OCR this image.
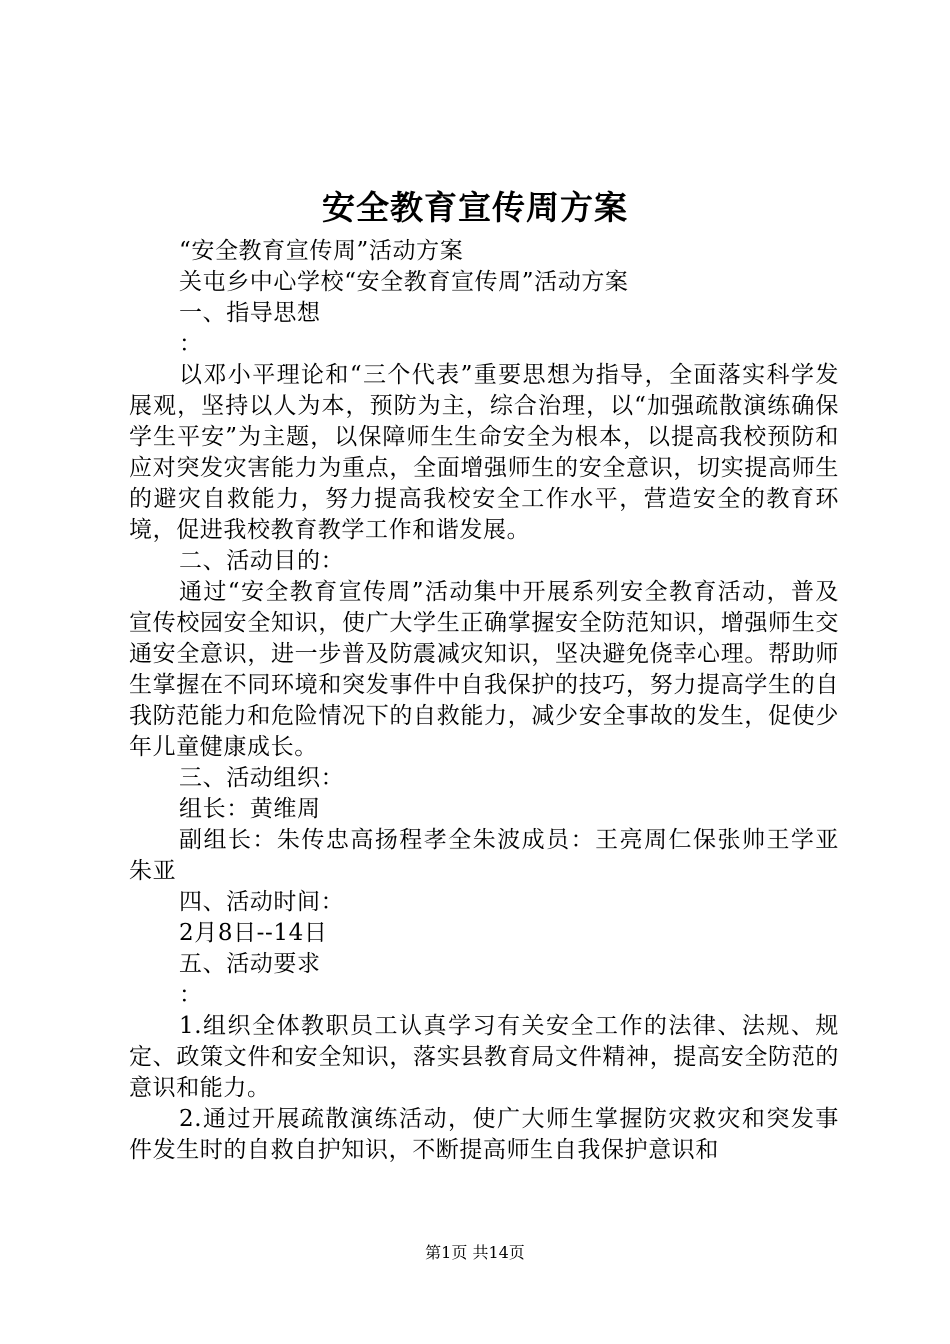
安全教育宣传周方案

“安全教育宣传周”活动方案

关屯乡中心学校“安全教育宣传周”活动方案

一、指导思想

：

以邓小平理论和“三个代表”重要思想为指导，全面落实科学发展观，坚持以人为本，预防为主，综合治理，以“加强疏散演练确保学生平安”为主题，以保障师生生命安全为根本，以提高我校预防和应对突发灾害能力为重点，全面增强师生的安全意识，切实提高师生的避灾自救能力，努力提高我校安全工作水平，营造安全的教育环境，促进我校教育教学工作和谐发展。

二、活动目的：

通过“安全教育宣传周”活动集中开展系列安全教育活动，普及宣传校园安全知识，使广大学生正确掌握安全防范知识，增强师生交通安全意识，进一步普及防震减灾知识，坚决避免侥幸心理。帮助师生掌握在不同环境和突发事件中自我保护的技巧，努力提高学生的自我防范能力和危险情况下的自救能力，减少安全事故的发生，促使少年儿童健康成长。

三、活动组织：

组长：黄维周

副组长：朱传忠高扬程孝全朱波成员：王亮周仁保张帅王学亚朱亚

四、活动时间：

2月8日--14日

五、活动要求

：

1.组织全体教职员工认真学习有关安全工作的法律、法规、规定、政策文件和安全知识，落实县教育局文件精神，提高安全防范的意识和能力。

2.通过开展疏散演练活动，使广大师生掌握防灾救灾和突发事件发生时的自救自护知识，不断提高师生自我保护意识和

第1页 共14页
